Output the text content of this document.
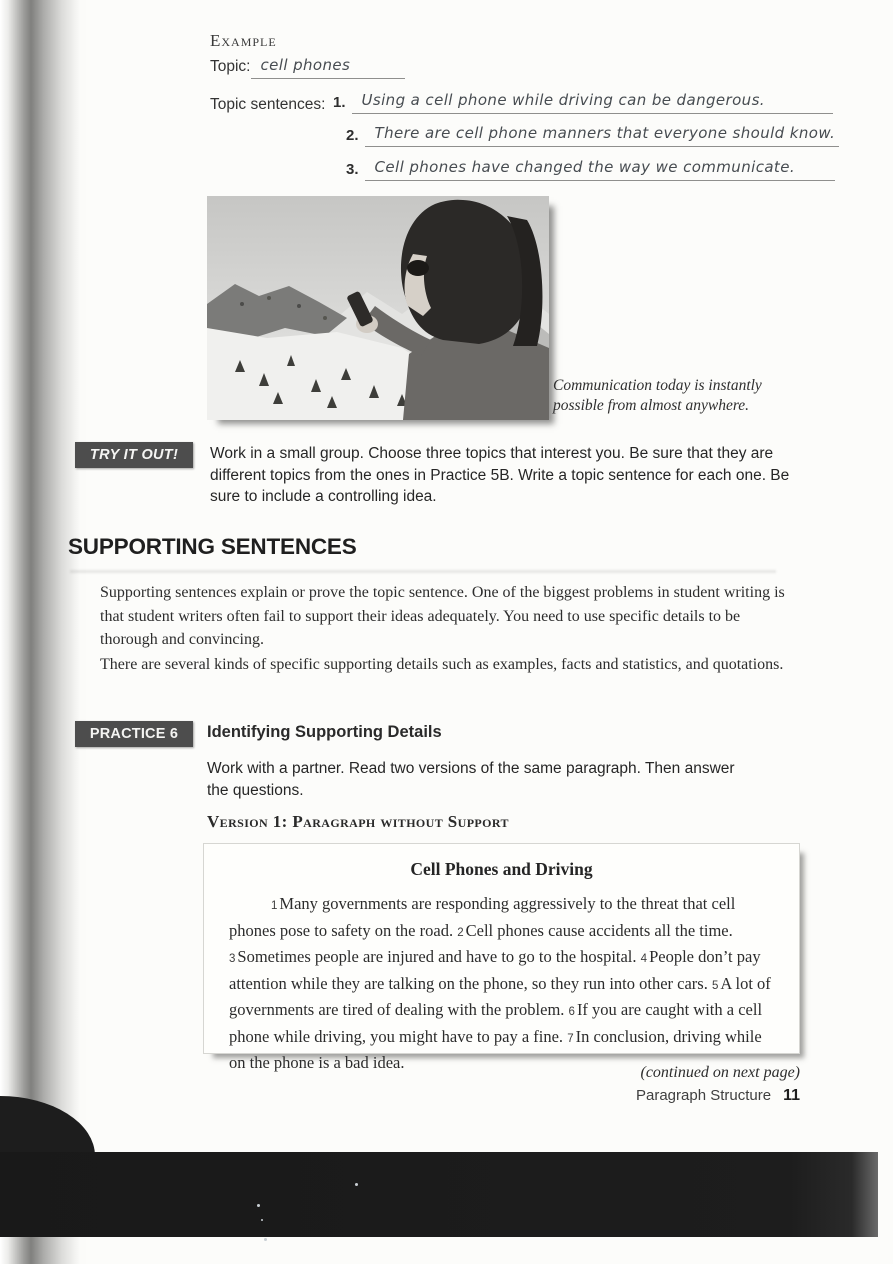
Example
Topic: cell phones
Topic sentences: 1.	Using a cell phone while driving can be dangerous.
2.	There are cell phone manners that everyone should know.
3.	Cell phones have changed the way we communicate.
Communication today is instantly
possible from almost anywhere.
TRY IT OUT!	Work in a small group. Choose three topics that interest you. Be sure that they are different topics from the ones in Practice 5B. Write a topic sentence for each one. Be sure to include a controlling idea.
SUPPORTING SENTENCES
Supporting sentences explain or prove the topic sentence. One of the biggest problems in student writing is that student writers often fail to support their ideas adequately. You need to use specific details to be thorough and convincing.
There are several kinds of specific supporting details such as examples, facts and statistics, and quotations.
PRACTICE 6	Identifying Supporting Details
Work with a partner. Read two versions of the same paragraph. Then answer the questions.
Version 1: Paragraph without Support
Cell Phones and Driving
1 Many governments are responding aggressively to the threat that cell phones pose to safety on the road. 2 Cell phones cause accidents all the time. 3 Sometimes people are injured and have to go to the hospital. 4 People don’t pay attention while they are talking on the phone, so they run into other cars. 5 A lot of governments are tired of dealing with the problem. 6 If you are caught with a cell phone while driving, you might have to pay a fine. 7 In conclusion, driving while on the phone is a bad idea.
(continued on next page)
Paragraph Structure 11
